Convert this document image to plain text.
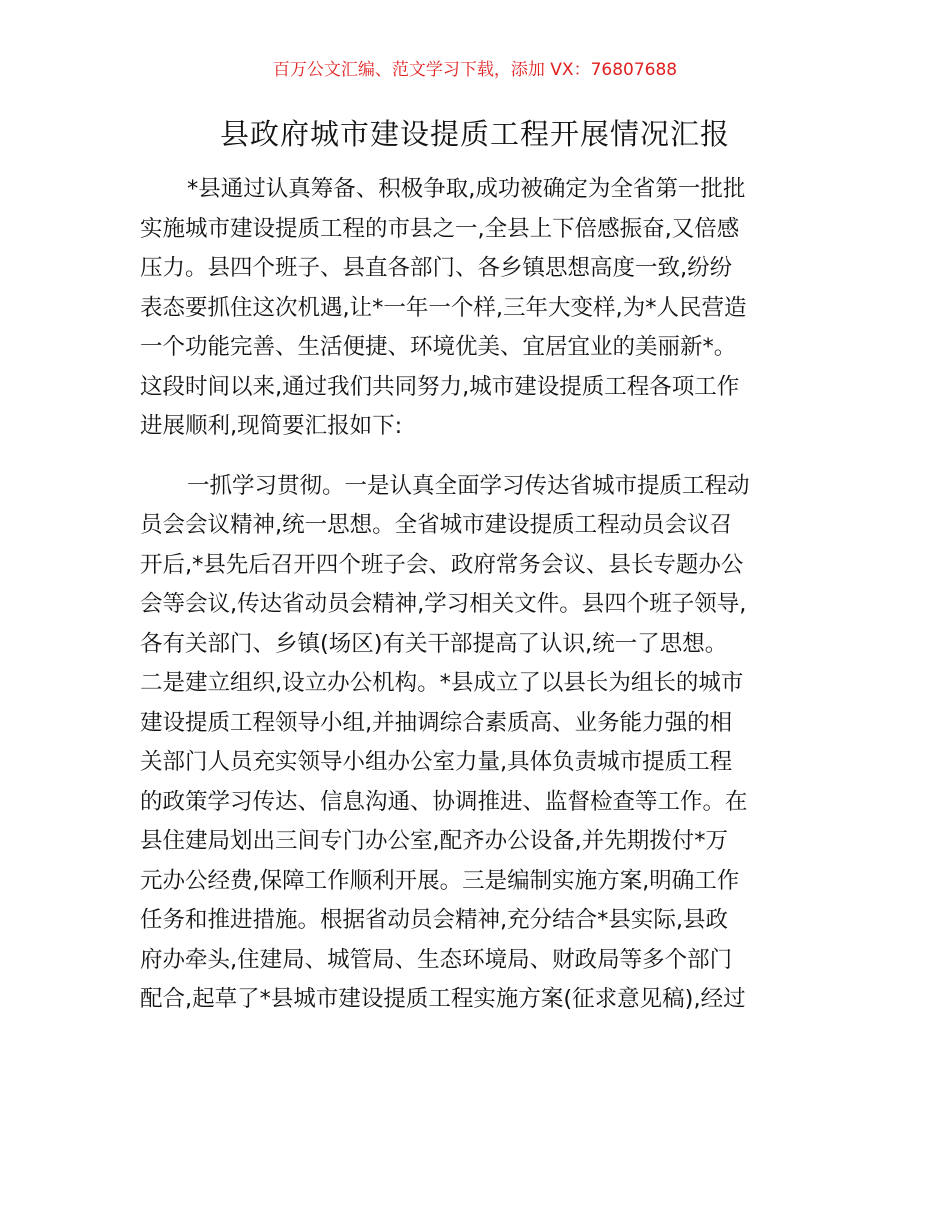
百万公文汇编、范文学习下载，添加 VX：76807688
县政府城市建设提质工程开展情况汇报
*县通过认真筹备、积极争取,成功被确定为全省第一批批
实施城市建设提质工程的市县之一,全县上下倍感振奋,又倍感
压力。县四个班子、县直各部门、各乡镇思想高度一致,纷纷
表态要抓住这次机遇,让*一年一个样,三年大变样,为*人民营造
一个功能完善、生活便捷、环境优美、宜居宜业的美丽新*。
这段时间以来,通过我们共同努力,城市建设提质工程各项工作
进展顺利,现简要汇报如下:
一抓学习贯彻。一是认真全面学习传达省城市提质工程动
员会会议精神,统一思想。全省城市建设提质工程动员会议召
开后,*县先后召开四个班子会、政府常务会议、县长专题办公
会等会议,传达省动员会精神,学习相关文件。县四个班子领导,
各有关部门、乡镇(场区)有关干部提高了认识,统一了思想。
二是建立组织,设立办公机构。*县成立了以县长为组长的城市
建设提质工程领导小组,并抽调综合素质高、业务能力强的相
关部门人员充实领导小组办公室力量,具体负责城市提质工程
的政策学习传达、信息沟通、协调推进、监督检查等工作。在
县住建局划出三间专门办公室,配齐办公设备,并先期拨付*万
元办公经费,保障工作顺利开展。三是编制实施方案,明确工作
任务和推进措施。根据省动员会精神,充分结合*县实际,县政
府办牵头,住建局、城管局、生态环境局、财政局等多个部门
配合,起草了*县城市建设提质工程实施方案(征求意见稿),经过
